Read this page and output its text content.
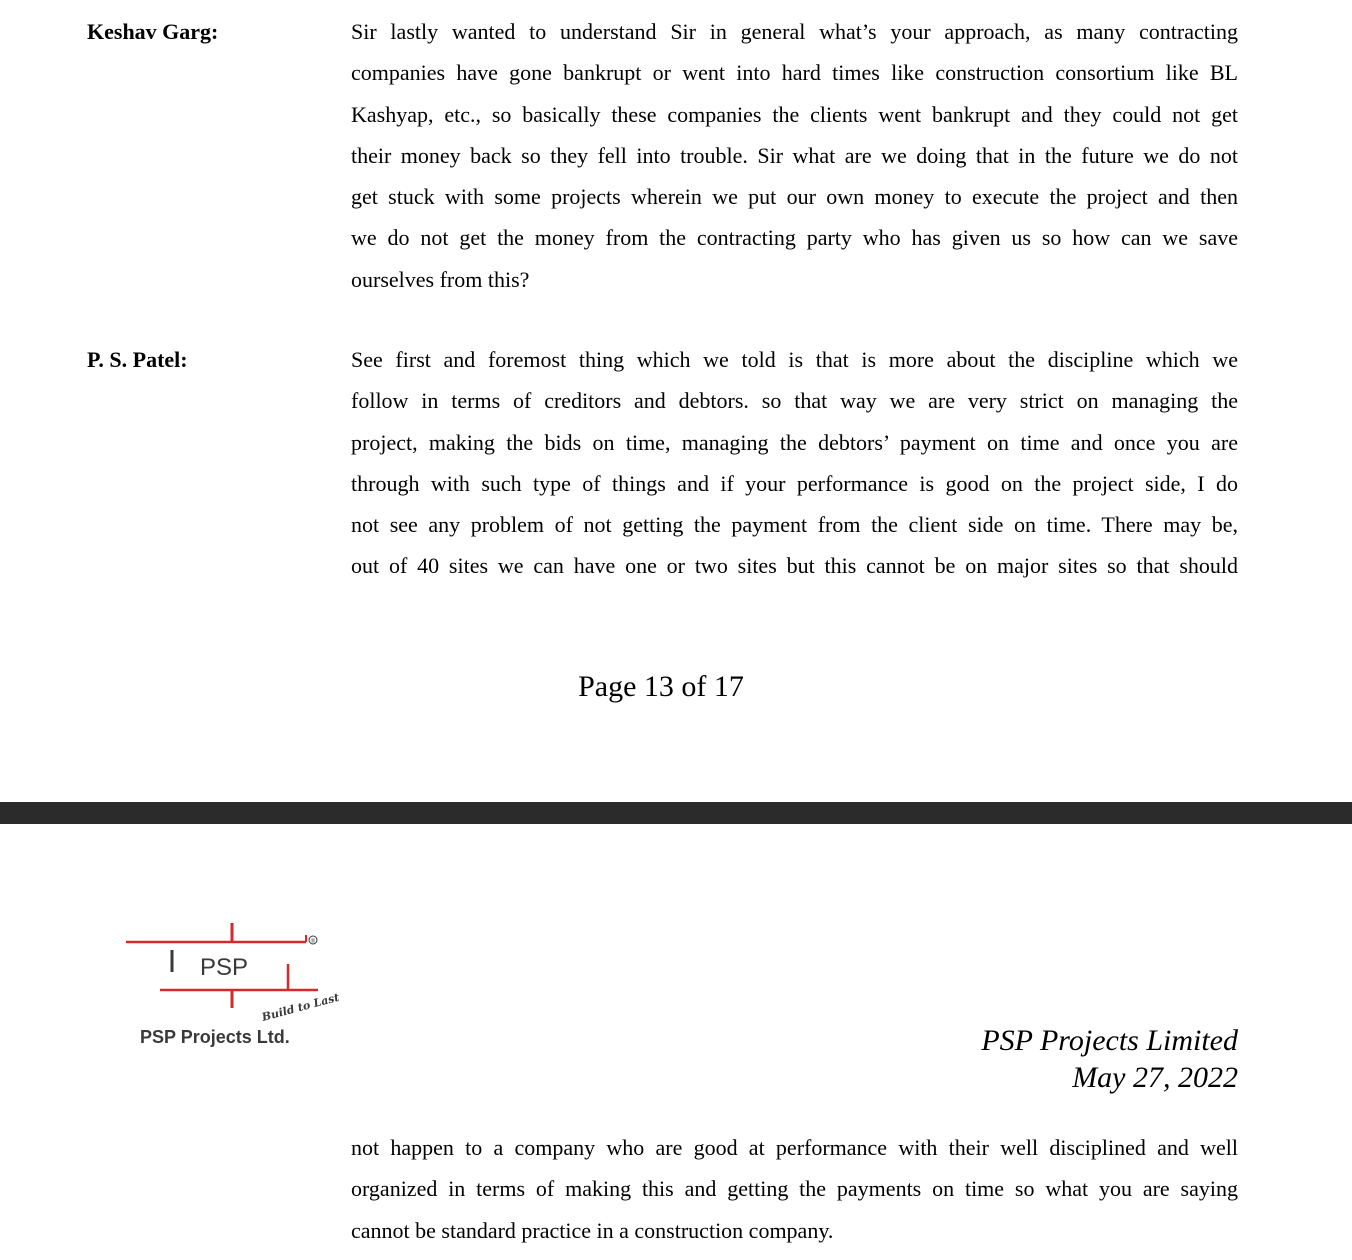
Keshav Garg:	Sir lastly wanted to understand Sir in general what’s your approach, as many contracting
companies have gone bankrupt or went into hard times like construction consortium like BL
Kashyap, etc., so basically these companies the clients went bankrupt and they could not get
their money back so they fell into trouble. Sir what are we doing that in the future we do not
get stuck with some projects wherein we put our own money to execute the project and then
we do not get the money from the contracting party who has given us so how can we save
ourselves from this?
P. S. Patel:	See first and foremost thing which we told is that is more about the discipline which we
follow in terms of creditors and debtors. so that way we are very strict on managing the
project, making the bids on time, managing the debtors’ payment on time and once you are
through with such type of things and if your performance is good on the project side, I do
not see any problem of not getting the payment from the client side on time. There may be,
out of 40 sites we can have one or two sites but this cannot be on major sites so that should
Page 13 of 17
®
PSP
Build to Last
PSP Projects Ltd.	PSP Projects Limited
May 27, 2022
not happen to a company who are good at performance with their well disciplined and well
organized in terms of making this and getting the payments on time so what you are saying
cannot be standard practice in a construction company.
